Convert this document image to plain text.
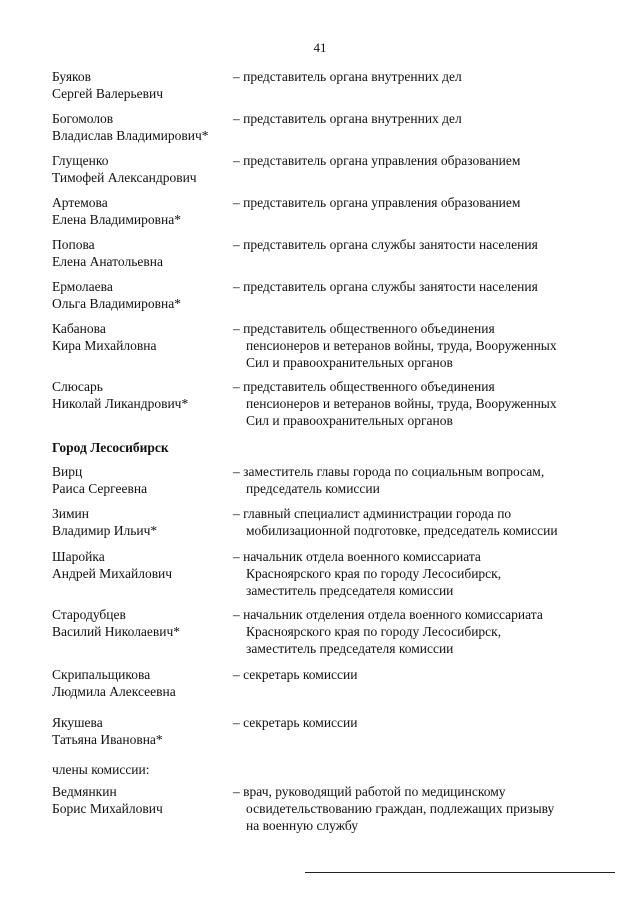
41
Буяков
Сергей Валерьевич
– представитель органа внутренних дел
Богомолов
Владислав Владимирович*
– представитель органа внутренних дел
Глущенко
Тимофей Александрович
– представитель органа управления образованием
Артемова
Елена Владимировна*
– представитель органа управления образованием
Попова
Елена Анатольевна
– представитель органа службы занятости населения
Ермолаева
Ольга Владимировна*
– представитель органа службы занятости населения
Кабанова
Кира Михайловна
– представитель общественного объединения
пенсионеров и ветеранов войны, труда, Вооруженных
Сил и правоохранительных органов
Слюсарь
Николай Ликандрович*
– представитель общественного объединения
пенсионеров и ветеранов войны, труда, Вооруженных
Сил и правоохранительных органов
Город Лесосибирск
Вирц
Раиса Сергеевна
– заместитель главы города по социальным вопросам,
председатель комиссии
Зимин
Владимир Ильич*
– главный специалист администрации города по
мобилизационной подготовке, председатель комиссии
Шаройка
Андрей Михайлович
– начальник отдела военного комиссариата
Красноярского края по городу Лесосибирск,
заместитель председателя комиссии
Стародубцев
Василий Николаевич*
– начальник отделения отдела военного комиссариата
Красноярского края по городу Лесосибирск,
заместитель председателя комиссии
Скрипальщикова
Людмила Алексеевна
– секретарь комиссии
Якушева
Татьяна Ивановна*
– секретарь комиссии
члены комиссии:
Ведмянкин
Борис Михайлович
– врач, руководящий работой по медицинскому
освидетельствованию граждан, подлежащих призыву
на военную службу
